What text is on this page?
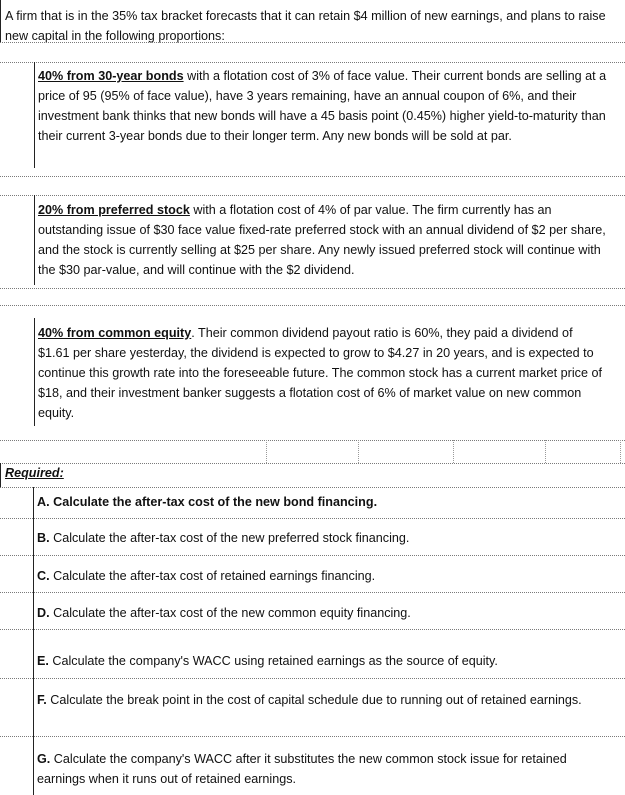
A firm that is in the 35% tax bracket forecasts that it can retain $4 million of new earnings, and plans to raise new capital in the following proportions:
40% from 30-year bonds with a flotation cost of 3% of face value. Their current bonds are selling at a price of 95 (95% of face value), have 3 years remaining, have an annual coupon of 6%, and their investment bank thinks that new bonds will have a 45 basis point (0.45%) higher yield-to-maturity than their current 3-year bonds due to their longer term. Any new bonds will be sold at par.
20% from preferred stock with a flotation cost of 4% of par value. The firm currently has an outstanding issue of $30 face value fixed-rate preferred stock with an annual dividend of $2 per share, and the stock is currently selling at $25 per share. Any newly issued preferred stock will continue with the $30 par-value, and will continue with the $2 dividend.
40% from common equity. Their common dividend payout ratio is 60%, they paid a dividend of $1.61 per share yesterday, the dividend is expected to grow to $4.27 in 20 years, and is expected to continue this growth rate into the foreseeable future. The common stock has a current market price of $18, and their investment banker suggests a flotation cost of 6% of market value on new common equity.
Required:
A. Calculate the after-tax cost of the new bond financing.
B. Calculate the after-tax cost of the new preferred stock financing.
C. Calculate the after-tax cost of retained earnings financing.
D. Calculate the after-tax cost of the new common equity financing.
E. Calculate the company's WACC using retained earnings as the source of equity.
F. Calculate the break point in the cost of capital schedule due to running out of retained earnings.
G. Calculate the company's WACC after it substitutes the new common stock issue for retained earnings when it runs out of retained earnings.
